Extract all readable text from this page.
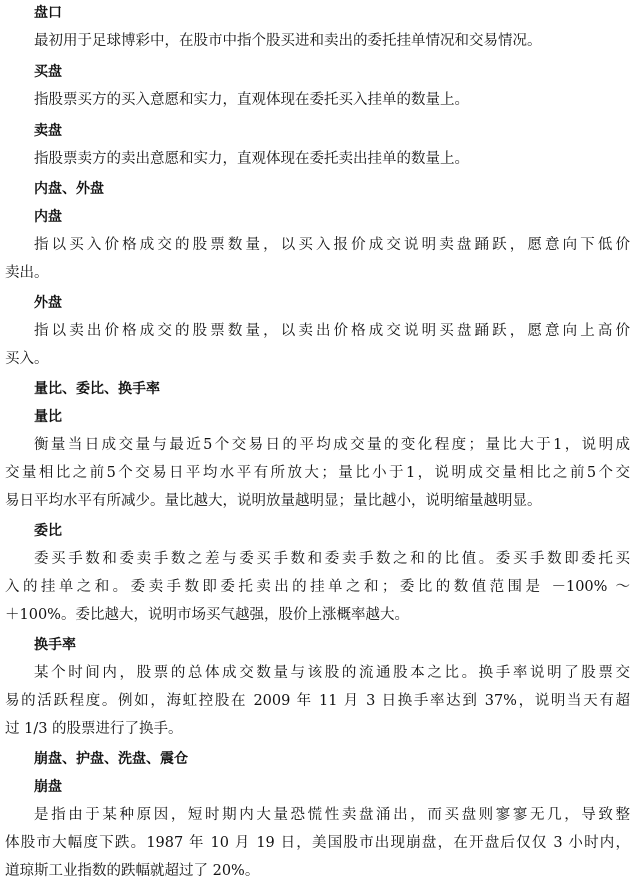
盘口
最初用于足球博彩中，在股市中指个股买进和卖出的委托挂单情况和交易情况。
买盘
指股票买方的买入意愿和实力，直观体现在委托买入挂单的数量上。
卖盘
指股票卖方的卖出意愿和实力，直观体现在委托卖出挂单的数量上。
内盘、外盘
内盘
指以买入价格成交的股票数量，以买入报价成交说明卖盘踊跃，愿意向下低价
卖出。
外盘
指以卖出价格成交的股票数量，以卖出价格成交说明买盘踊跃，愿意向上高价
买入。
量比、委比、换手率
量比
衡量当日成交量与最近5个交易日的平均成交量的变化程度；量比大于1，说明成
交量相比之前5个交易日平均水平有所放大；量比小于1，说明成交量相比之前5个交
易日平均水平有所减少。量比越大，说明放量越明显；量比越小，说明缩量越明显。
委比
委买手数和委卖手数之差与委买手数和委卖手数之和的比值。委买手数即委托买
入的挂单之和。委卖手数即委托卖出的挂单之和；委比的数值范围是 －100% ～
＋100%。委比越大，说明市场买气越强，股价上涨概率越大。
换手率
某个时间内，股票的总体成交数量与该股的流通股本之比。换手率说明了股票交
易的活跃程度。例如，海虹控股在 2009 年 11 月 3 日换手率达到 37%，说明当天有超
过 1/3 的股票进行了换手。
崩盘、护盘、洗盘、震仓
崩盘
是指由于某种原因，短时期内大量恐慌性卖盘涌出，而买盘则寥寥无几，导致整
体股市大幅度下跌。1987 年 10 月 19 日，美国股市出现崩盘，在开盘后仅仅 3 小时内，
道琼斯工业指数的跌幅就超过了 20%。
